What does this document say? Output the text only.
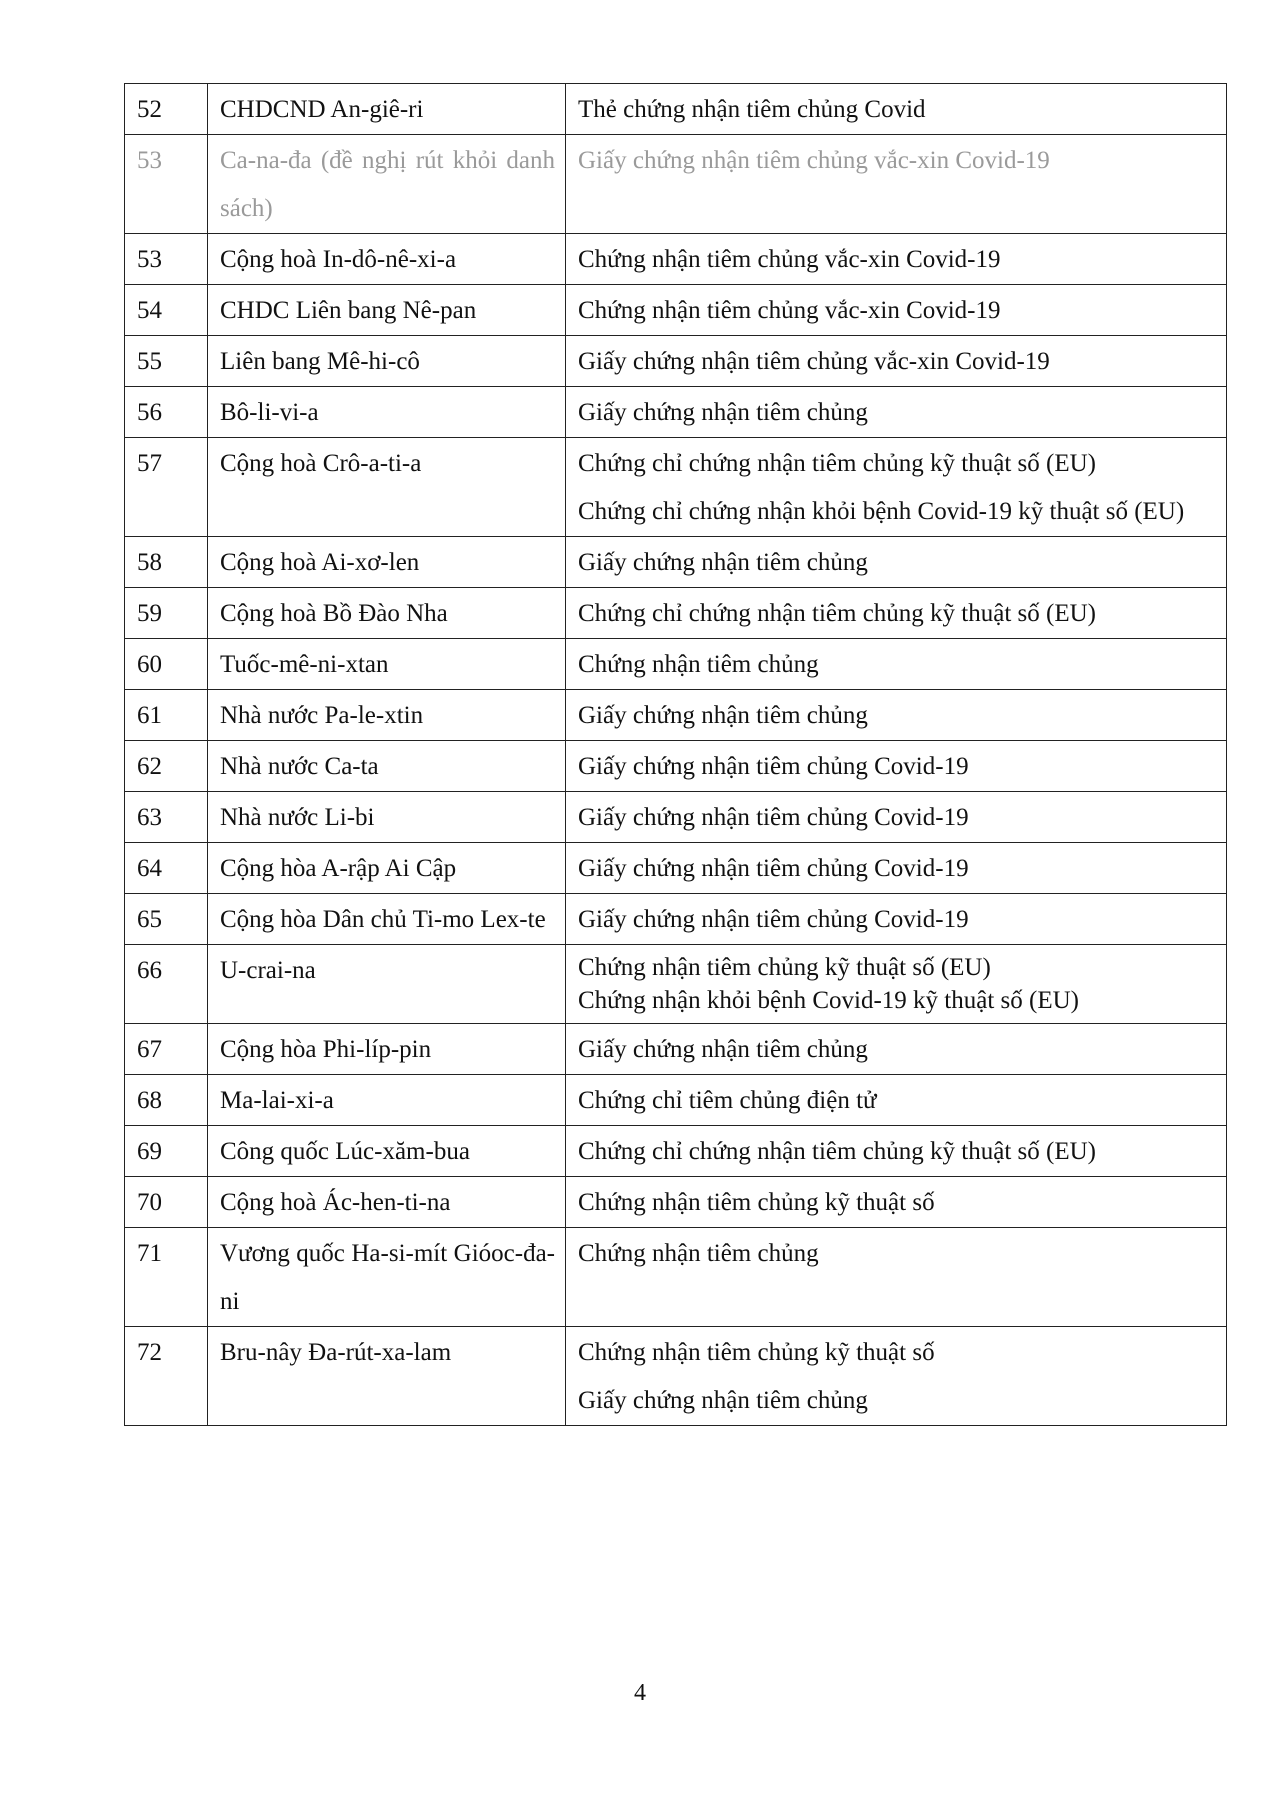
52	CHDCND An-giê-ri	Thẻ chứng nhận tiêm chủng Covid

53	Ca-na-đa (đề nghị rút khỏi danh sách)	Giấy chứng nhận tiêm chủng vắc-xin Covid-19

53	Cộng hoà In-dô-nê-xi-a	Chứng nhận tiêm chủng vắc-xin Covid-19

54	CHDC Liên bang Nê-pan	Chứng nhận tiêm chủng vắc-xin Covid-19

55	Liên bang Mê-hi-cô	Giấy chứng nhận tiêm chủng vắc-xin Covid-19

56	Bô-li-vi-a	Giấy chứng nhận tiêm chủng

57	Cộng hoà Crô-a-ti-a	Chứng chỉ chứng nhận tiêm chủng kỹ thuật số (EU)
Chứng chỉ chứng nhận khỏi bệnh Covid-19 kỹ thuật số (EU)

58	Cộng hoà Ai-xơ-len	Giấy chứng nhận tiêm chủng

59	Cộng hoà Bồ Đào Nha	Chứng chỉ chứng nhận tiêm chủng kỹ thuật số (EU)

60	Tuốc-mê-ni-xtan	Chứng nhận tiêm chủng

61	Nhà nước Pa-le-xtin	Giấy chứng nhận tiêm chủng

62	Nhà nước Ca-ta	Giấy chứng nhận tiêm chủng Covid-19

63	Nhà nước Li-bi	Giấy chứng nhận tiêm chủng Covid-19

64	Cộng hòa A-rập Ai Cập	Giấy chứng nhận tiêm chủng Covid-19

65	Cộng hòa Dân chủ Ti-mo Lex-te	Giấy chứng nhận tiêm chủng Covid-19

66	U-crai-na	Chứng nhận tiêm chủng kỹ thuật số (EU)
Chứng nhận khỏi bệnh Covid-19 kỹ thuật số (EU)

67	Cộng hòa Phi-líp-pin	Giấy chứng nhận tiêm chủng

68	Ma-lai-xi-a	Chứng chỉ tiêm chủng điện tử

69	Công quốc Lúc-xăm-bua	Chứng chỉ chứng nhận tiêm chủng kỹ thuật số (EU)

70	Cộng hoà Ác-hen-ti-na	Chứng nhận tiêm chủng kỹ thuật số

71	Vương quốc Ha-si-mít Gióoc-đa-ni	Chứng nhận tiêm chủng

72	Bru-nây Đa-rút-xa-lam	Chứng nhận tiêm chủng kỹ thuật số
Giấy chứng nhận tiêm chủng
4
